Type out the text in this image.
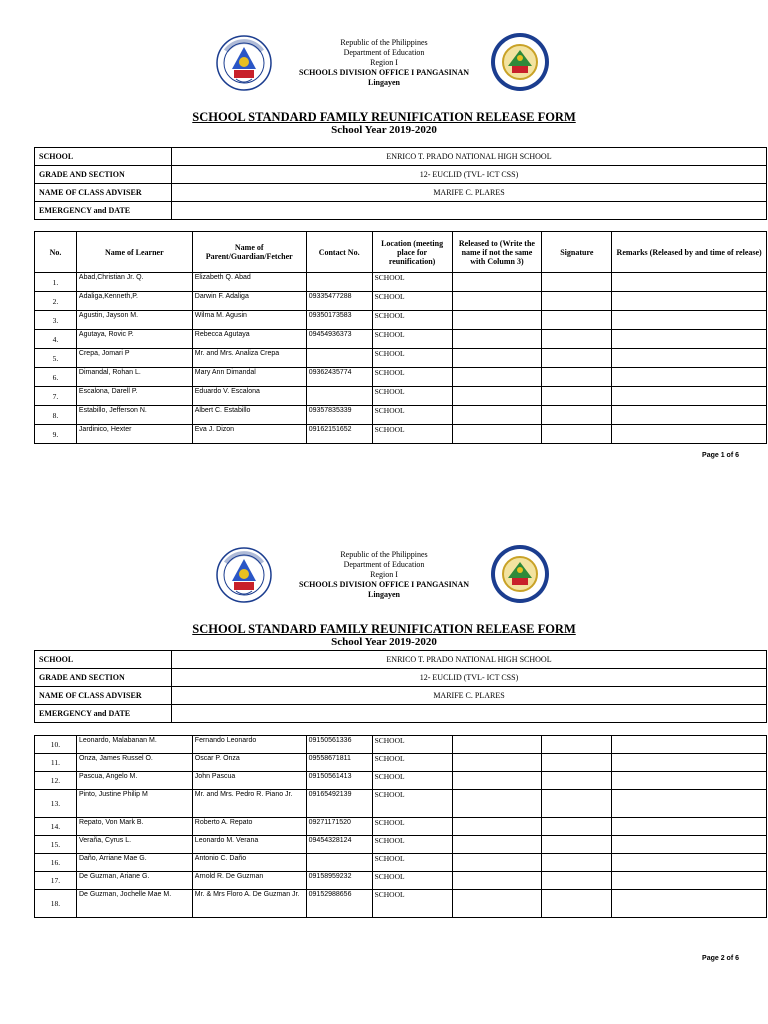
Republic of the Philippines
Department of Education
Region I
SCHOOLS DIVISION OFFICE I PANGASINAN
Lingayen
SCHOOL STANDARD FAMILY REUNIFICATION RELEASE FORM
School Year 2019-2020
SCHOOL	ENRICO T. PRADO NATIONAL HIGH SCHOOL
GRADE AND SECTION	12- EUCLID (TVL- ICT CSS)
NAME OF CLASS ADVISER	MARIFE C. PLARES
EMERGENCY and DATE	
No.	Name of Learner	Name of Parent/Guardian/Fetcher	Contact No.	Location (meeting place for reunification)	Released to (Write the name if not the same with Column 3)	Signature	Remarks (Released by and time of release)
1.	Abad,Christian Jr. Q.	Elizabeth Q. Abad		SCHOOL			
2.	Adaliga,Kenneth,P.	Darwin F. Adaliga	09335477288	SCHOOL			
3.	Agustin, Jayson M.	Wilma M. Agusin	09350173583	SCHOOL			
4.	Agutaya, Rovic P.	Rebecca Agutaya	09454936373	SCHOOL			
5.	Crepa, Jomari P	Mr. and Mrs. Analiza Crepa		SCHOOL			
6.	Dimandal, Rohan L.	Mary Ann Dimandal	09362435774	SCHOOL			
7.	Escalona, Darell P.	Eduardo V. Escalona		SCHOOL			
8.	Estabillo, Jefferson N.	Albert C. Estabillo	09357835339	SCHOOL			
9.	Jardinico, Hexter	Eva J. Dizon	09162151652	SCHOOL			
Page 1 of 6
Republic of the Philippines
Department of Education
Region I
SCHOOLS DIVISION OFFICE I PANGASINAN
Lingayen
SCHOOL STANDARD FAMILY REUNIFICATION RELEASE FORM
School Year 2019-2020
SCHOOL	ENRICO T. PRADO NATIONAL HIGH SCHOOL
GRADE AND SECTION	12- EUCLID (TVL- ICT CSS)
NAME OF CLASS ADVISER	MARIFE C. PLARES
EMERGENCY and DATE	
10.	Leonardo, Malabanan M.	Fernando Leonardo	09150561336	SCHOOL			
11.	Onza, James Russel O.	Oscar P. Onza	09558671811	SCHOOL			
12.	Pascua, Angelo M.	John Pascua	09150561413	SCHOOL			
13.	Pinto, Justine Philip M	Mr. and Mrs. Pedro R. Piano Jr.	09165492139	SCHOOL			
14.	Repato, Von Mark B.	Roberto A. Repato	09271171520	SCHOOL			
15.	Veraña, Cyrus L.	Leonardo M. Verana	09454328124	SCHOOL			
16.	Daño, Arriane Mae G.	Antonio C. Daño		SCHOOL			
17.	De Guzman, Ariane G.	Arnold R. De Guzman	09158959232	SCHOOL			
18.	De Guzman, Jochelle Mae M.	Mr. & Mrs Floro A. De Guzman Jr.	09152988656	SCHOOL			
Page 2 of 6
